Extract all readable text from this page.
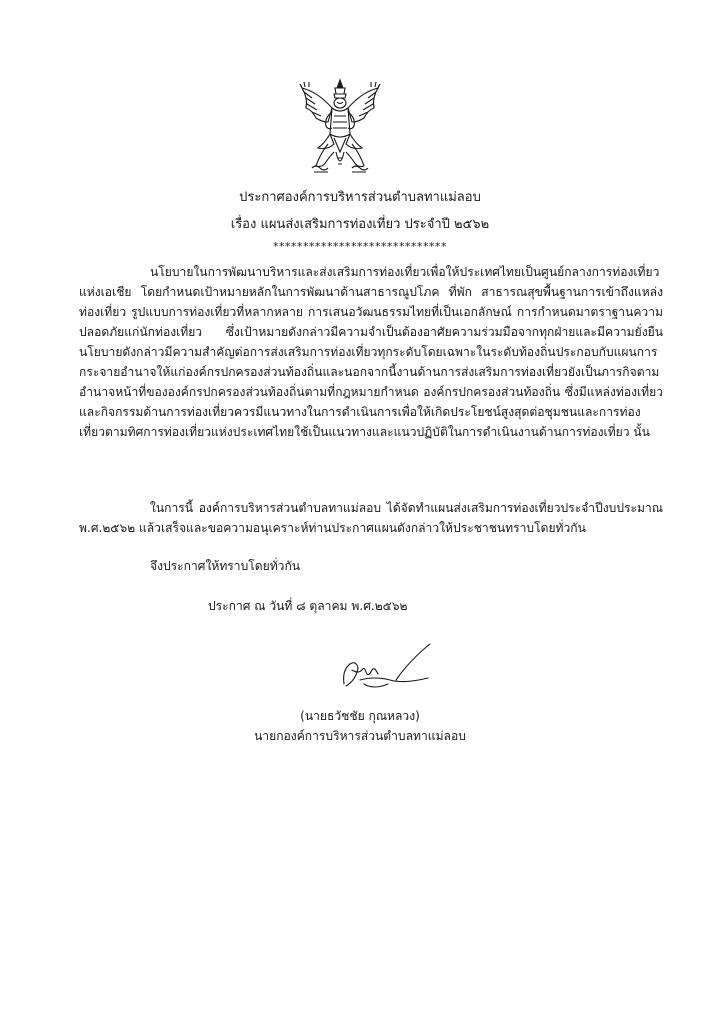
ประกาศองค์การบริหารส่วนตำบลทาแม่ลอบ
เรื่อง แผนส่งเสริมการท่องเที่ยว ประจำปี ๒๕๖๒
*****************************

นโยบายในการพัฒนาบริหารและส่งเสริมการท่องเที่ยวเพื่อให้ประเทศไทยเป็นศูนย์กลางการท่องเที่ยวแห่งเอเชีย โดยกำหนดเป้าหมายหลักในการพัฒนาด้านสาธารณูปโภค ที่พัก สาธารณสุขพื้นฐานการเข้าถึงแหล่งท่องเที่ยว รูปแบบการท่องเที่ยวที่หลากหลาย การเสนอวัฒนธรรมไทยที่เป็นเอกลักษณ์ การกำหนดมาตราฐานความปลอดภัยแก่นักท่องเที่ยว ซึ่งเป้าหมายดังกล่าวมีความจำเป็นต้องอาศัยความร่วมมือจากทุกฝ่ายและมีความยั่งยืน นโยบายดังกล่าวมีความสำคัญต่อการส่งเสริมการท่องเที่ยวทุกระดับโดยเฉพาะในระดับท้องถิ่นประกอบกับแผนการกระจายอำนาจให้แก่องค์กรปกครองส่วนท้องถิ่นและนอกจากนี้งานด้านการส่งเสริมการท่องเที่ยวยังเป็นภารกิจตามอำนาจหน้าที่ขององค์กรปกครองส่วนท้องถิ่นตามที่กฎหมายกำหนด องค์กรปกครองส่วนท้องถิ่น ซึ่งมีแหล่งท่องเที่ยวและกิจกรรมด้านการท่องเที่ยวควรมีแนวทางในการดำเนินการเพื่อให้เกิดประโยชน์สูงสุดต่อชุมชนและการท่องเที่ยวตามทิศการท่องเที่ยวแห่งประเทศไทยใช้เป็นแนวทางและแนวปฏิบัติในการดำเนินงานด้านการท่องเที่ยว นั้น

ในการนี้ องค์การบริหารส่วนตำบลทาแม่ลอบ ได้จัดทำแผนส่งเสริมการท่องเที่ยวประจำปีงบประมาณ พ.ศ.๒๕๖๒ แล้วเสร็จและขอความอนุเคราะห์ท่านประกาศแผนดังกล่าวให้ประชาชนทราบโดยทั่วกัน

จึงประกาศให้ทราบโดยทั่วกัน

ประกาศ ณ วันที่ ๘ ตุลาคม พ.ศ.๒๕๖๒

(นายธวัชชัย กุณหลวง)
นายกองค์การบริหารส่วนตำบลทาแม่ลอบ
